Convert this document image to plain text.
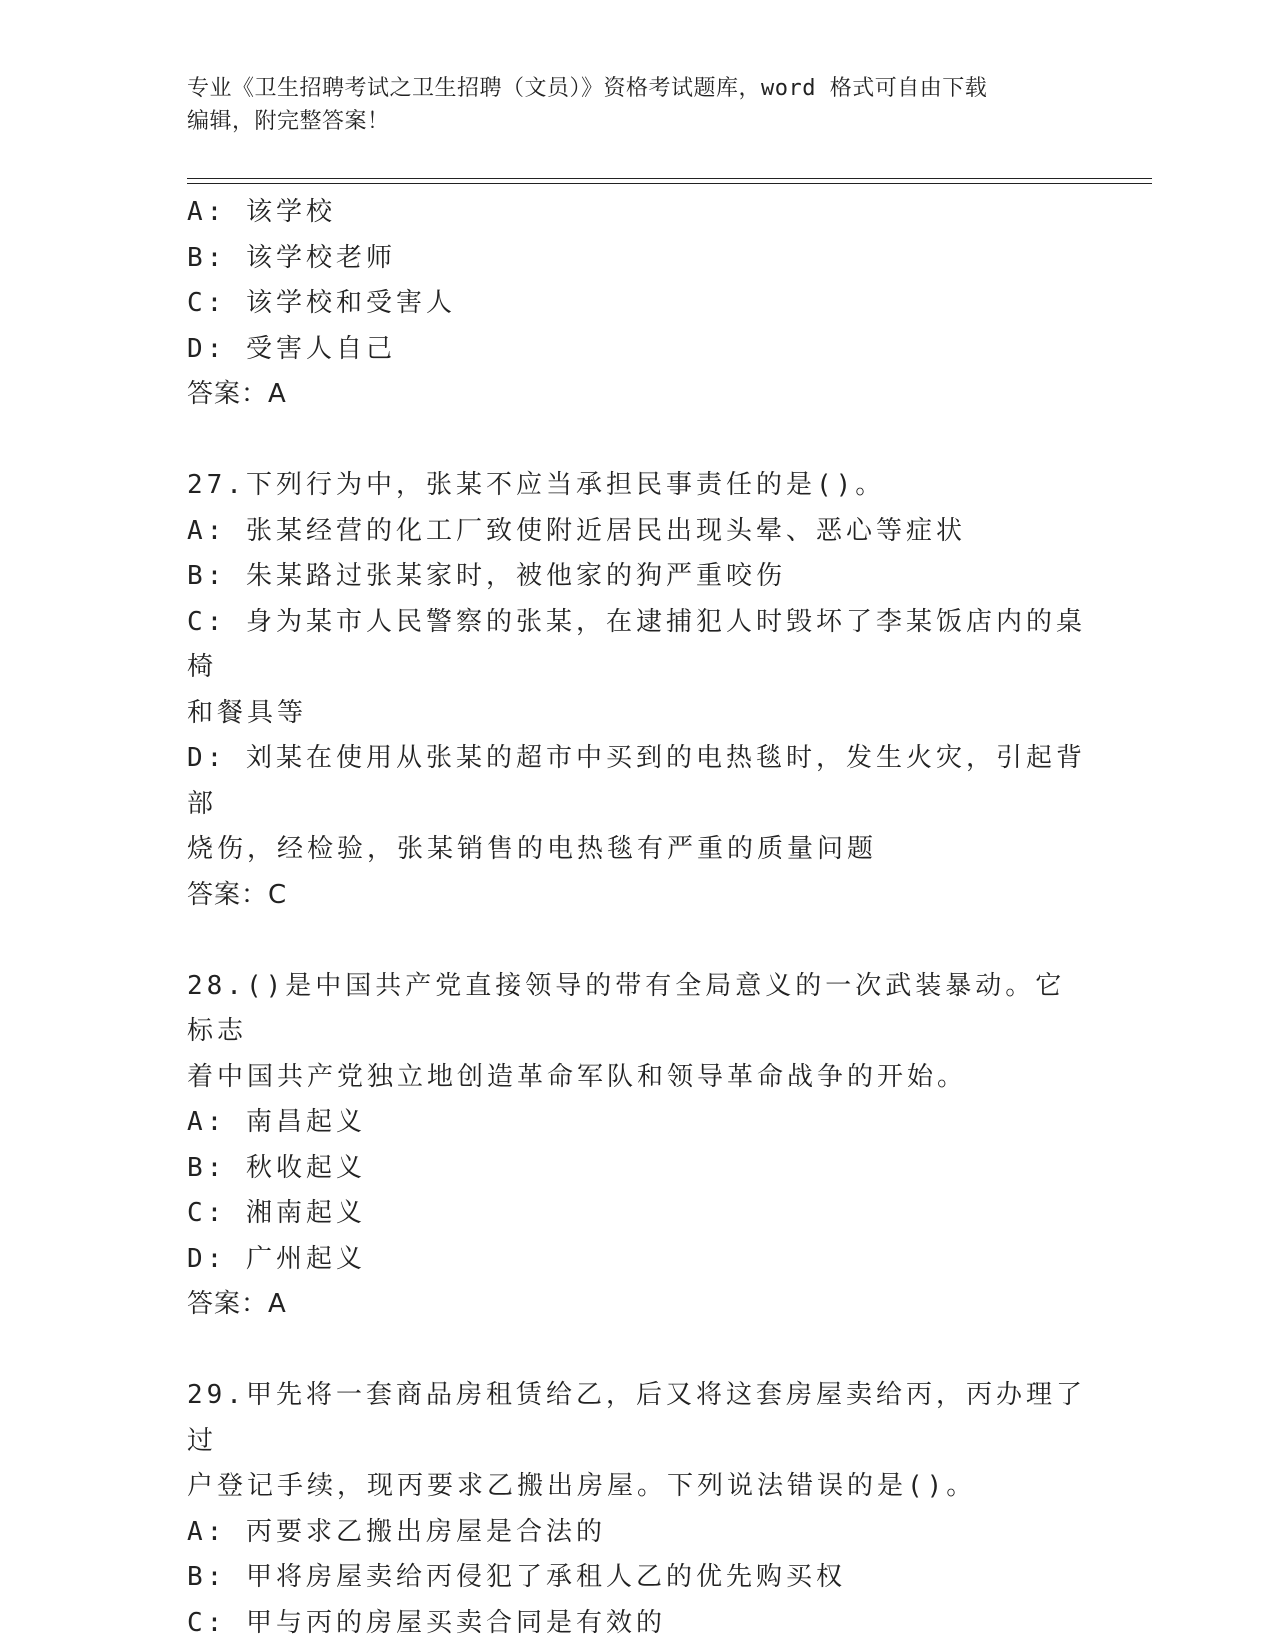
专业《卫生招聘考试之卫生招聘（文员）》资格考试题库，word 格式可自由下载
编辑，附完整答案！
A: 该学校
B: 该学校老师
C: 该学校和受害人
D: 受害人自己
答案：A
27.下列行为中，张某不应当承担民事责任的是()。
A: 张某经营的化工厂致使附近居民出现头晕、恶心等症状
B: 朱某路过张某家时，被他家的狗严重咬伤
C: 身为某市人民警察的张某，在逮捕犯人时毁坏了李某饭店内的桌椅
和餐具等
D: 刘某在使用从张某的超市中买到的电热毯时，发生火灾，引起背部
烧伤，经检验，张某销售的电热毯有严重的质量问题
答案：C
28.()是中国共产党直接领导的带有全局意义的一次武装暴动。它标志
着中国共产党独立地创造革命军队和领导革命战争的开始。
A: 南昌起义
B: 秋收起义
C: 湘南起义
D: 广州起义
答案：A
29.甲先将一套商品房租赁给乙，后又将这套房屋卖给丙，丙办理了过
户登记手续，现丙要求乙搬出房屋。下列说法错误的是()。
A: 丙要求乙搬出房屋是合法的
B: 甲将房屋卖给丙侵犯了承租人乙的优先购买权
C: 甲与丙的房屋买卖合同是有效的
